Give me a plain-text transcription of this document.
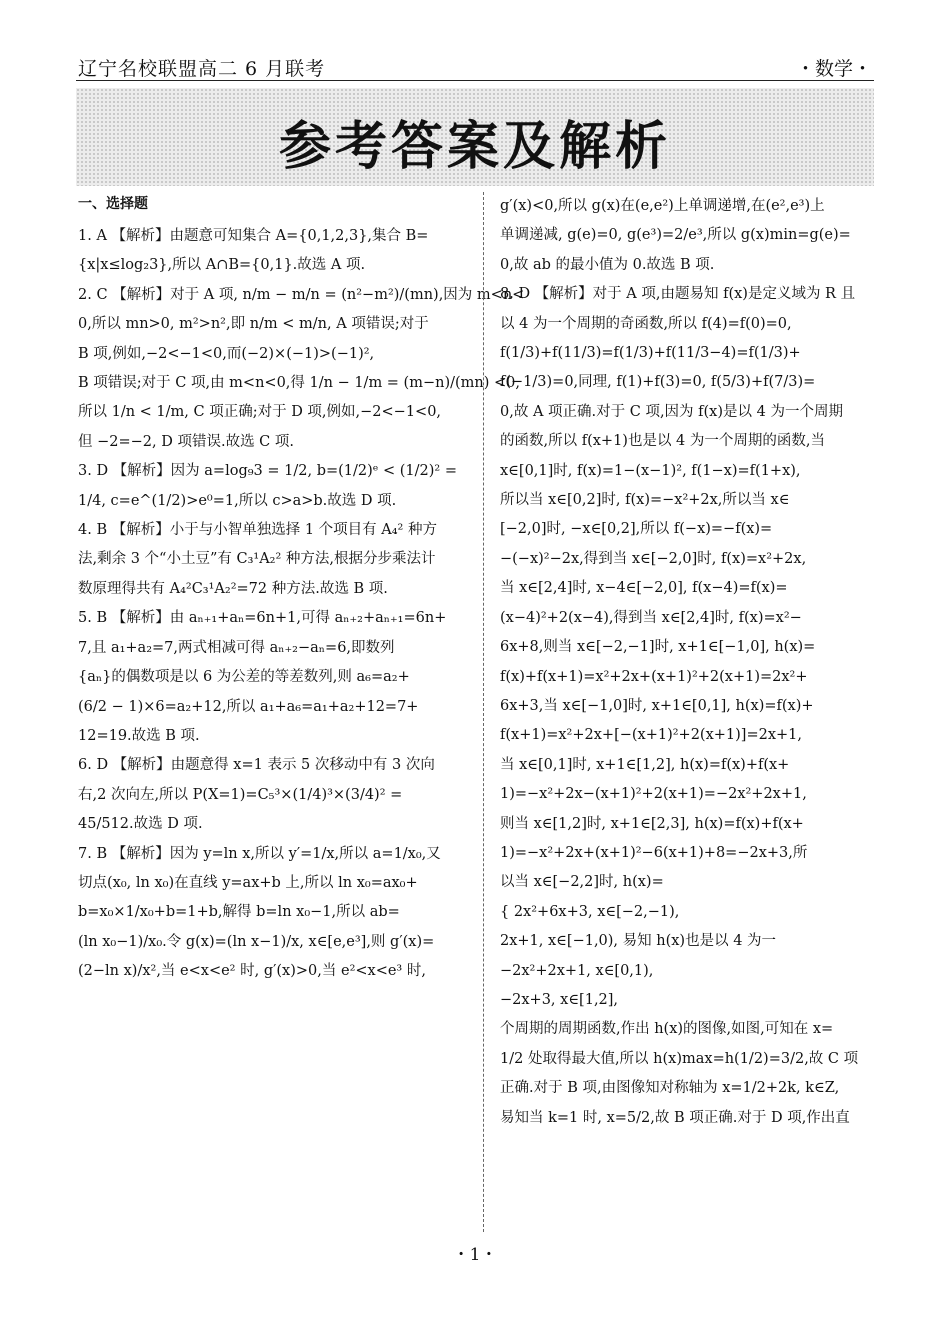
辽宁名校联盟高二 6 月联考	・数学・
参考答案及解析
一、选择题
1. A 【解析】由题意可知集合 A={0,1,2,3},集合 B=
{x|x≤log₂3},所以 A∩B={0,1}.故选 A 项.
2. C 【解析】对于 A 项, n/m − m/n = (n²−m²)/(mn),因为 m<n<
0,所以 mn>0, m²>n²,即 n/m < m/n, A 项错误;对于
B 项,例如,−2<−1<0,而(−2)×(−1)>(−1)²,
B 项错误;对于 C 项,由 m<n<0,得 1/n − 1/m = (m−n)/(mn) <0,
所以 1/n < 1/m, C 项正确;对于 D 项,例如,−2<−1<0,
但 −2=−2, D 项错误.故选 C 项.
3. D 【解析】因为 a=log₉3 = 1/2, b=(1/2)ᵉ < (1/2)² =
1/4, c=e^(1/2)>e⁰=1,所以 c>a>b.故选 D 项.
4. B 【解析】小于与小智单独选择 1 个项目有 A₄² 种方
法,剩余 3 个“小土豆”有 C₃¹A₂² 种方法,根据分步乘法计
数原理得共有 A₄²C₃¹A₂²=72 种方法.故选 B 项.
5. B 【解析】由 aₙ₊₁+aₙ=6n+1,可得 aₙ₊₂+aₙ₊₁=6n+
7,且 a₁+a₂=7,两式相减可得 aₙ₊₂−aₙ=6,即数列
{aₙ}的偶数项是以 6 为公差的等差数列,则 a₆=a₂+
(6/2 − 1)×6=a₂+12,所以 a₁+a₆=a₁+a₂+12=7+
12=19.故选 B 项.
6. D 【解析】由题意得 x=1 表示 5 次移动中有 3 次向
右,2 次向左,所以 P(X=1)=C₅³×(1/4)³×(3/4)² =
45/512.故选 D 项.
7. B 【解析】因为 y=ln x,所以 y′=1/x,所以 a=1/x₀,又
切点(x₀, ln x₀)在直线 y=ax+b 上,所以 ln x₀=ax₀+
b=x₀×1/x₀+b=1+b,解得 b=ln x₀−1,所以 ab=
(ln x₀−1)/x₀.令 g(x)=(ln x−1)/x, x∈[e,e³],则 g′(x)=
(2−ln x)/x²,当 e<x<e² 时, g′(x)>0,当 e²<x<e³ 时,
g′(x)<0,所以 g(x)在(e,e²)上单调递增,在(e²,e³)上
单调递减, g(e)=0, g(e³)=2/e³,所以 g(x)min=g(e)=
0,故 ab 的最小值为 0.故选 B 项.
8. D 【解析】对于 A 项,由题易知 f(x)是定义域为 R 且
以 4 为一个周期的奇函数,所以 f(4)=f(0)=0,
f(1/3)+f(11/3)=f(1/3)+f(11/3−4)=f(1/3)+
f(−1/3)=0,同理, f(1)+f(3)=0, f(5/3)+f(7/3)=
0,故 A 项正确.对于 C 项,因为 f(x)是以 4 为一个周期
的函数,所以 f(x+1)也是以 4 为一个周期的函数,当
x∈[0,1]时, f(x)=1−(x−1)², f(1−x)=f(1+x),
所以当 x∈[0,2]时, f(x)=−x²+2x,所以当 x∈
[−2,0]时, −x∈[0,2],所以 f(−x)=−f(x)=
−(−x)²−2x,得到当 x∈[−2,0]时, f(x)=x²+2x,
当 x∈[2,4]时, x−4∈[−2,0], f(x−4)=f(x)=
(x−4)²+2(x−4),得到当 x∈[2,4]时, f(x)=x²−
6x+8,则当 x∈[−2,−1]时, x+1∈[−1,0], h(x)=
f(x)+f(x+1)=x²+2x+(x+1)²+2(x+1)=2x²+
6x+3,当 x∈[−1,0]时, x+1∈[0,1], h(x)=f(x)+
f(x+1)=x²+2x+[−(x+1)²+2(x+1)]=2x+1,
当 x∈[0,1]时, x+1∈[1,2], h(x)=f(x)+f(x+
1)=−x²+2x−(x+1)²+2(x+1)=−2x²+2x+1,
则当 x∈[1,2]时, x+1∈[2,3], h(x)=f(x)+f(x+
1)=−x²+2x+(x+1)²−6(x+1)+8=−2x+3,所
以当 x∈[−2,2]时, h(x)=
{ 2x²+6x+3, x∈[−2,−1),
2x+1, x∈[−1,0), 易知 h(x)也是以 4 为一
−2x²+2x+1, x∈[0,1),
−2x+3, x∈[1,2],
个周期的周期函数,作出 h(x)的图像,如图,可知在 x=
1/2 处取得最大值,所以 h(x)max=h(1/2)=3/2,故 C 项
正确.对于 B 项,由图像知对称轴为 x=1/2+2k, k∈Z,
易知当 k=1 时, x=5/2,故 B 项正确.对于 D 项,作出直
・1・
